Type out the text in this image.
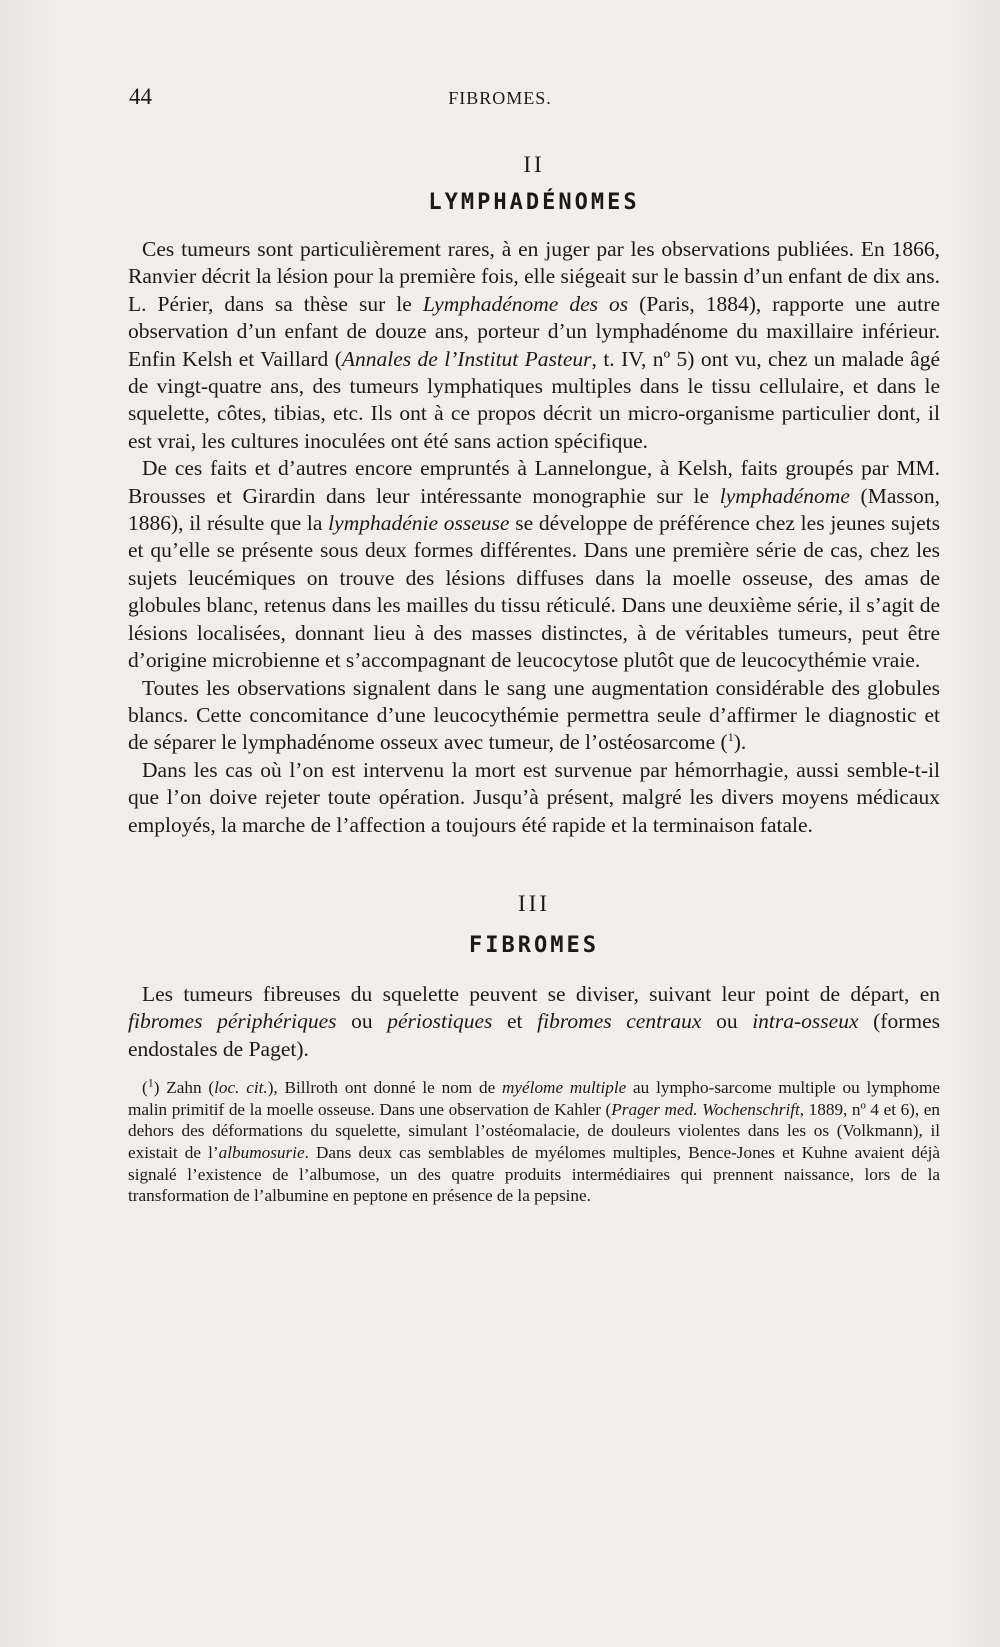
44	FIBROMES.

II

LYMPHADÉNOMES

Ces tumeurs sont particulièrement rares, à en juger par les observations publiées. En 1866, Ranvier décrit la lésion pour la première fois, elle siégeait sur le bassin d’un enfant de dix ans. L. Périer, dans sa thèse sur le Lymphadénome des os (Paris, 1884), rapporte une autre observation d’un enfant de douze ans, porteur d’un lymphadénome du maxillaire inférieur. Enfin Kelsh et Vaillard (Annales de l’Institut Pasteur, t. IV, nº 5) ont vu, chez un malade âgé de vingt-quatre ans, des tumeurs lymphatiques multiples dans le tissu cellulaire, et dans le squelette, côtes, tibias, etc. Ils ont à ce propos décrit un micro-organisme particulier dont, il est vrai, les cultures inoculées ont été sans action spécifique.

De ces faits et d’autres encore empruntés à Lannelongue, à Kelsh, faits groupés par MM. Brousses et Girardin dans leur intéressante monographie sur le lymphadénome (Masson, 1886), il résulte que la lymphadénie osseuse se développe de préférence chez les jeunes sujets et qu’elle se présente sous deux formes différentes. Dans une première série de cas, chez les sujets leucémiques on trouve des lésions diffuses dans la moelle osseuse, des amas de globules blanc, retenus dans les mailles du tissu réticulé. Dans une deuxième série, il s’agit de lésions localisées, donnant lieu à des masses distinctes, à de véritables tumeurs, peut être d’origine microbienne et s’accompagnant de leucocytose plutôt que de leucocythémie vraie.

Toutes les observations signalent dans le sang une augmentation considérable des globules blancs. Cette concomitance d’une leucocythémie permettra seule d’affirmer le diagnostic et de séparer le lymphadénome osseux avec tumeur, de l’ostéosarcome ($^1$).

Dans les cas où l’on est intervenu la mort est survenue par hémorrhagie, aussi semble-t-il que l’on doive rejeter toute opération. Jusqu’à présent, malgré les divers moyens médicaux employés, la marche de l’affection a toujours été rapide et la terminaison fatale.

III

FIBROMES

Les tumeurs fibreuses du squelette peuvent se diviser, suivant leur point de départ, en fibromes périphériques ou périostiques et fibromes centraux ou intra-osseux (formes endostales de Paget).

($^1$) Zahn (loc. cit.), Billroth ont donné le nom de myélome multiple au lympho-sarcome multiple ou lymphome malin primitif de la moelle osseuse. Dans une observation de Kahler (Prager med. Wochenschrift, 1889, nº 4 et 6), en dehors des déformations du squelette, simulant l’ostéomalacie, de douleurs violentes dans les os (Volkmann), il existait de l’albumosurie. Dans deux cas semblables de myélomes multiples, Bence-Jones et Kuhne avaient déjà signalé l’existence de l’albumose, un des quatre produits intermédiaires qui prennent naissance, lors de la transformation de l’albumine en peptone en présence de la pepsine.
